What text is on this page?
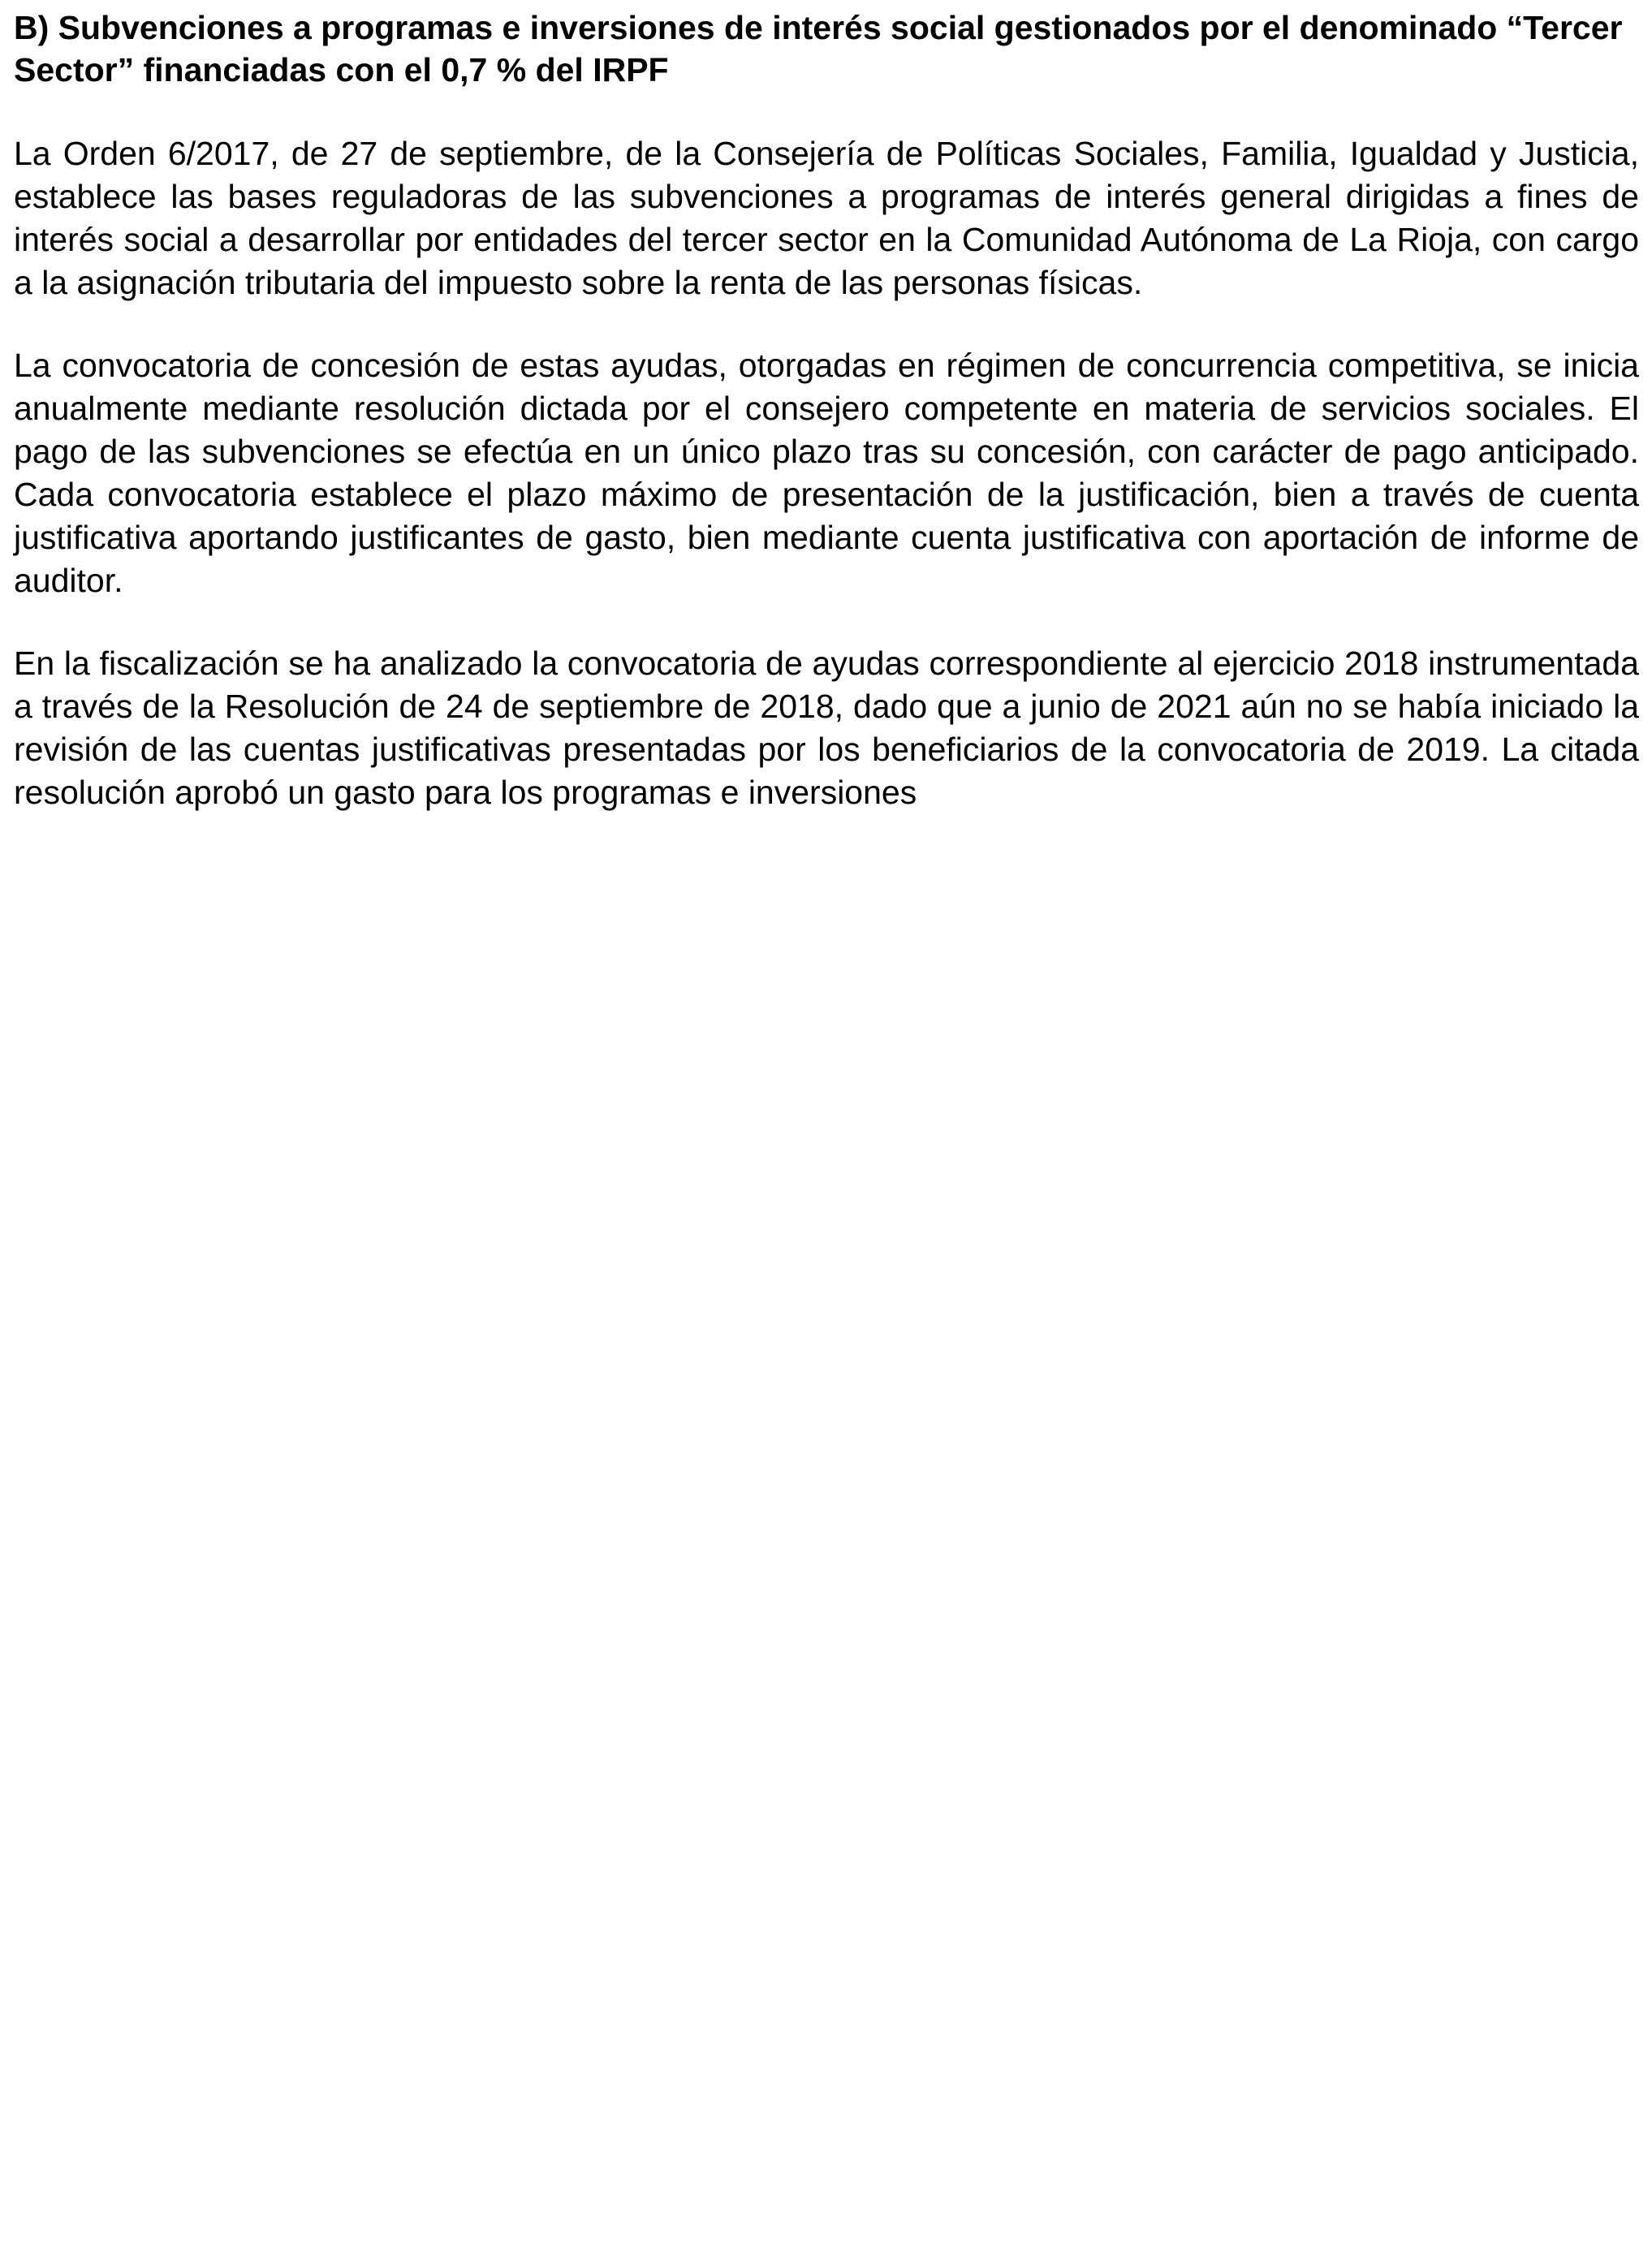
B) Subvenciones a programas e inversiones de interés social gestionados por el denominado “Tercer Sector” financiadas con el 0,7 % del IRPF

La Orden 6/2017, de 27 de septiembre, de la Consejería de Políticas Sociales, Familia, Igualdad y Justicia, establece las bases reguladoras de las subvenciones a programas de interés general dirigidas a fines de interés social a desarrollar por entidades del tercer sector en la Comunidad Autónoma de La Rioja, con cargo a la asignación tributaria del impuesto sobre la renta de las personas físicas.

La convocatoria de concesión de estas ayudas, otorgadas en régimen de concurrencia competitiva, se inicia anualmente mediante resolución dictada por el consejero competente en materia de servicios sociales. El pago de las subvenciones se efectúa en un único plazo tras su concesión, con carácter de pago anticipado. Cada convocatoria establece el plazo máximo de presentación de la justificación, bien a través de cuenta justificativa aportando justificantes de gasto, bien mediante cuenta justificativa con aportación de informe de auditor.

En la fiscalización se ha analizado la convocatoria de ayudas correspondiente al ejercicio 2018 instrumentada a través de la Resolución de 24 de septiembre de 2018, dado que a junio de 2021 aún no se había iniciado la revisión de las cuentas justificativas presentadas por los beneficiarios de la convocatoria de 2019. La citada resolución aprobó un gasto para los programas e inversiones
